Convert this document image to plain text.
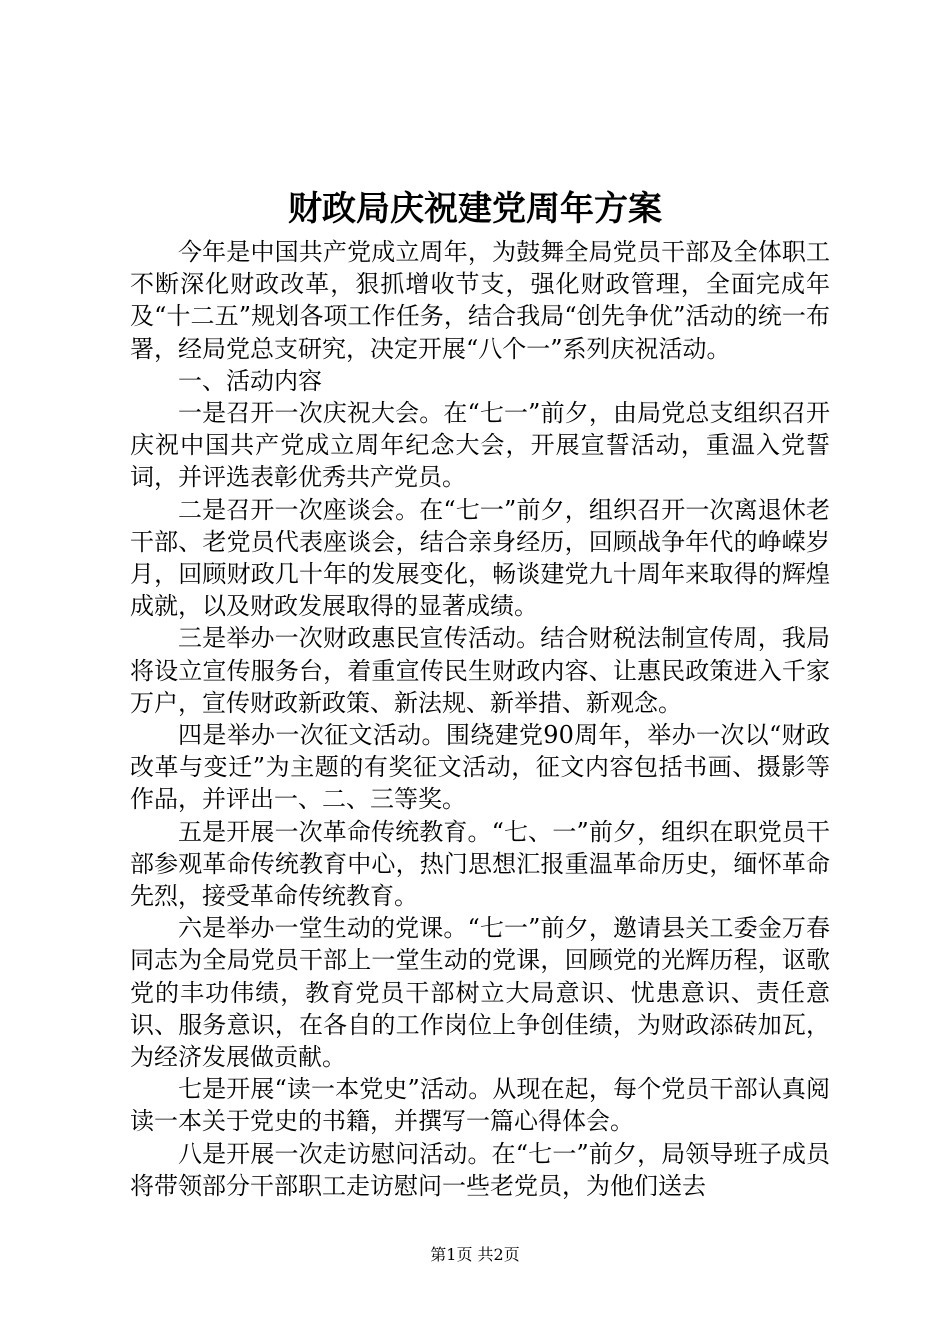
财政局庆祝建党周年方案

今年是中国共产党成立周年，为鼓舞全局党员干部及全体职工不断深化财政改革，狠抓增收节支，强化财政管理，全面完成年及“十二五”规划各项工作任务，结合我局“创先争优”活动的统一布署，经局党总支研究，决定开展“八个一”系列庆祝活动。

一、活动内容

一是召开一次庆祝大会。在“七一”前夕，由局党总支组织召开庆祝中国共产党成立周年纪念大会，开展宣誓活动，重温入党誓词，并评选表彰优秀共产党员。

二是召开一次座谈会。在“七一”前夕，组织召开一次离退休老干部、老党员代表座谈会，结合亲身经历，回顾战争年代的峥嵘岁月，回顾财政几十年的发展变化，畅谈建党九十周年来取得的辉煌成就，以及财政发展取得的显著成绩。

三是举办一次财政惠民宣传活动。结合财税法制宣传周，我局将设立宣传服务台，着重宣传民生财政内容、让惠民政策进入千家万户，宣传财政新政策、新法规、新举措、新观念。

四是举办一次征文活动。围绕建党90周年，举办一次以“财政改革与变迁”为主题的有奖征文活动，征文内容包括书画、摄影等作品，并评出一、二、三等奖。

五是开展一次革命传统教育。“七、一”前夕，组织在职党员干部参观革命传统教育中心，热门思想汇报重温革命历史，缅怀革命先烈，接受革命传统教育。

六是举办一堂生动的党课。“七一”前夕，邀请县关工委金万春同志为全局党员干部上一堂生动的党课，回顾党的光辉历程，讴歌党的丰功伟绩，教育党员干部树立大局意识、忧患意识、责任意识、服务意识，在各自的工作岗位上争创佳绩，为财政添砖加瓦，为经济发展做贡献。

七是开展“读一本党史”活动。从现在起，每个党员干部认真阅读一本关于党史的书籍，并撰写一篇心得体会。

八是开展一次走访慰问活动。在“七一”前夕，局领导班子成员将带领部分干部职工走访慰问一些老党员，为他们送去

第1页 共2页
